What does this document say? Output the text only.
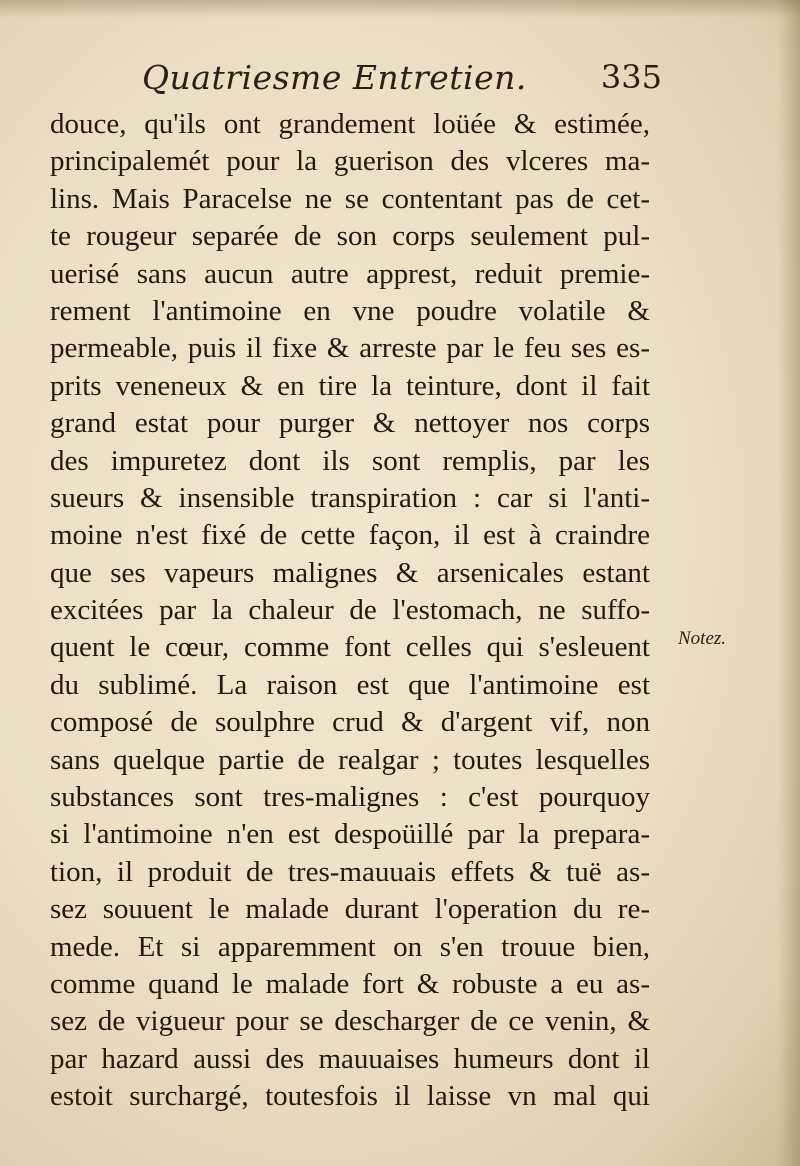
Quatriesme Entretien. 335
douce, qu'ils ont grandement loüée & estimée,
principalemét pour la guerison des vlceres ma-
lins. Mais Paracelse ne se contentant pas de cet-
te rougeur separée de son corps seulement pul-
uerisé sans aucun autre apprest, reduit premie-
rement l'antimoine en vne poudre volatile &
permeable, puis il fixe & arreste par le feu ses es-
prits veneneux & en tire la teinture, dont il fait
grand estat pour purger & nettoyer nos corps
des impuretez dont ils sont remplis, par les
sueurs & insensible transpiration : car si l'anti-
moine n'est fixé de cette façon, il est à craindre
que ses vapeurs malignes & arsenicales estant
excitées par la chaleur de l'estomach, ne suffo-
quent le cœur, comme font celles qui s'esleuent
du sublimé. La raison est que l'antimoine est
composé de soulphre crud & d'argent vif, non
sans quelque partie de realgar ; toutes lesquelles
substances sont tres-malignes : c'est pourquoy
si l'antimoine n'en est despoüillé par la prepara-
tion, il produit de tres-mauuais effets & tuë as-
sez souuent le malade durant l'operation du re-
mede. Et si apparemment on s'en trouue bien,
comme quand le malade fort & robuste a eu as-
sez de vigueur pour se descharger de ce venin, &
par hazard aussi des mauuaises humeurs dont il
estoit surchargé, toutesfois il laisse vn mal qui
Notez.
